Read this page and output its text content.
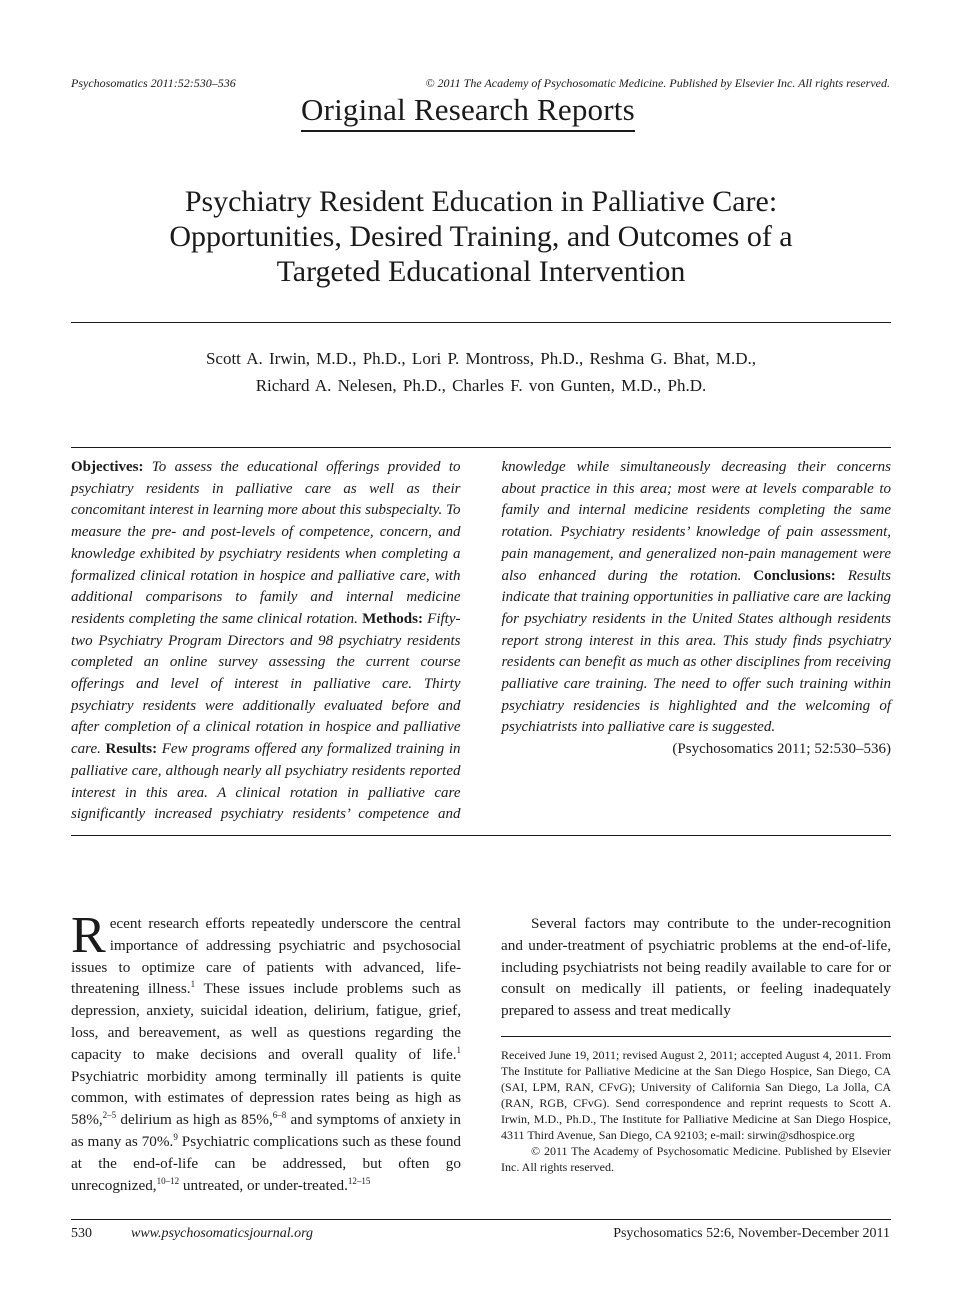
Psychosomatics 2011:52:530–536	© 2011 The Academy of Psychosomatic Medicine. Published by Elsevier Inc. All rights reserved.
Original Research Reports
Psychiatry Resident Education in Palliative Care:
Opportunities, Desired Training, and Outcomes of a
Targeted Educational Intervention
Scott A. Irwin, M.D., Ph.D., Lori P. Montross, Ph.D., Reshma G. Bhat, M.D.,
Richard A. Nelesen, Ph.D., Charles F. von Gunten, M.D., Ph.D.
Objectives: To assess the educational offerings provided to psychiatry residents in palliative care as well as their concomitant interest in learning more about this subspecialty. To measure the pre- and post-levels of competence, concern, and knowledge exhibited by psychiatry residents when completing a formalized clinical rotation in hospice and palliative care, with additional comparisons to family and internal medicine residents completing the same clinical rotation. Methods: Fifty-two Psychiatry Program Directors and 98 psychiatry residents completed an online survey assessing the current course offerings and level of interest in palliative care. Thirty psychiatry residents were additionally evaluated before and after completion of a clinical rotation in hospice and palliative care. Results: Few programs offered any formalized training in palliative care, although nearly all psychiatry residents reported interest in this area. A clinical rotation in palliative care significantly increased psychiatry residents’ competence and knowledge while simultaneously decreasing their concerns about practice in this area; most were at levels comparable to family and internal medicine residents completing the same rotation. Psychiatry residents’ knowledge of pain assessment, pain management, and generalized non-pain management were also enhanced during the rotation. Conclusions: Results indicate that training opportunities in palliative care are lacking for psychiatry residents in the United States although residents report strong interest in this area. This study finds psychiatry residents can benefit as much as other disciplines from receiving palliative care training. The need to offer such training within psychiatry residencies is highlighted and the welcoming of psychiatrists into palliative care is suggested.
(Psychosomatics 2011; 52:530–536)
Recent research efforts repeatedly underscore the central importance of addressing psychiatric and psychosocial issues to optimize care of patients with advanced, life-threatening illness.$^1$ These issues include problems such as depression, anxiety, suicidal ideation, delirium, fatigue, grief, loss, and bereavement, as well as questions regarding the capacity to make decisions and overall quality of life.$^1$ Psychiatric morbidity among terminally ill patients is quite common, with estimates of depression rates being as high as 58%,$^{2-5}$ delirium as high as 85%,$^{6-8}$ and symptoms of anxiety in as many as 70%.$^9$ Psychiatric complications such as these found at the end-of-life can be addressed, but often go unrecognized,$^{10-12}$ untreated, or under-treated.$^{12-15}$

Several factors may contribute to the under-recognition and under-treatment of psychiatric problems at the end-of-life, including psychiatrists not being readily available to care for or consult on medically ill patients, or feeling inadequately prepared to assess and treat medically

Received June 19, 2011; revised August 2, 2011; accepted August 4, 2011. From The Institute for Palliative Medicine at the San Diego Hospice, San Diego, CA (SAI, LPM, RAN, CFvG); University of California San Diego, La Jolla, CA (RAN, RGB, CFvG). Send correspondence and reprint requests to Scott A. Irwin, M.D., Ph.D., The Institute for Palliative Medicine at San Diego Hospice, 4311 Third Avenue, San Diego, CA 92103; e-mail: sirwin@sdhospice.org

© 2011 The Academy of Psychosomatic Medicine. Published by Elsevier Inc. All rights reserved.

530	www.psychosomaticsjournal.org	Psychosomatics 52:6, November-December 2011
